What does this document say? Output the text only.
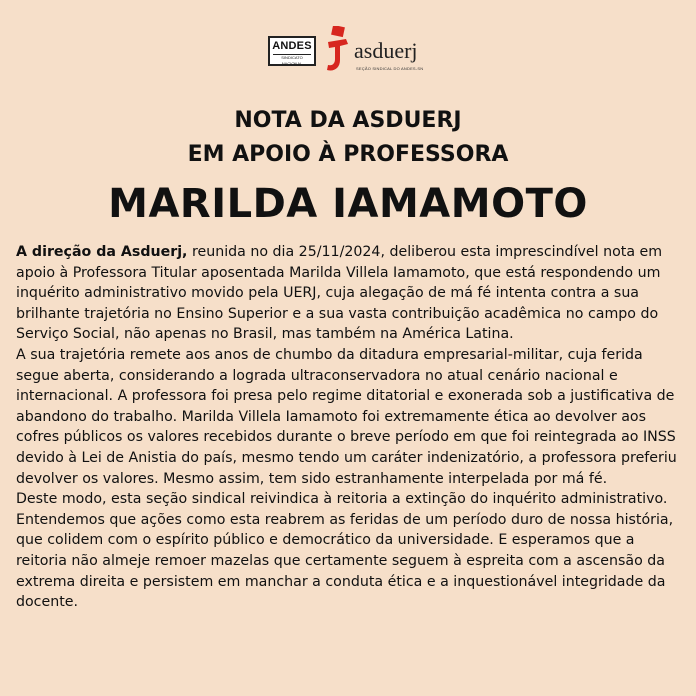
ANDES
SINDICATO NACIONAL
asduerj
SEÇÃO SINDICAL DO ANDES-SN
NOTA DA ASDUERJ
EM APOIO À PROFESSORA
MARILDA IAMAMOTO

A direção da Asduerj, reunida no dia 25/11/2024, deliberou esta imprescindível nota em apoio à Professora Titular aposentada Marilda Villela Iamamoto, que está respondendo um inquérito administrativo movido pela UERJ, cuja alegação de má fé intenta contra a sua brilhante trajetória no Ensino Superior e a sua vasta contribuição acadêmica no campo do Serviço Social, não apenas no Brasil, mas também na América Latina.

A sua trajetória remete aos anos de chumbo da ditadura empresarial-militar, cuja ferida segue aberta, considerando a lograda ultraconservadora no atual cenário nacional e internacional. A professora foi presa pelo regime ditatorial e exonerada sob a justificativa de abandono do trabalho. Marilda Villela Iamamoto foi extremamente ética ao devolver aos cofres públicos os valores recebidos durante o breve período em que foi reintegrada ao INSS devido à Lei de Anistia do país, mesmo tendo um caráter indenizatório, a professora preferiu devolver os valores. Mesmo assim, tem sido estranhamente interpelada por má fé.

Deste modo, esta seção sindical reivindica à reitoria a extinção do inquérito administrativo. Entendemos que ações como esta reabrem as feridas de um período duro de nossa história, que colidem com o espírito público e democrático da universidade. E esperamos que a reitoria não almeje remoer mazelas que certamente seguem à espreita com a ascensão da extrema direita e persistem em manchar a conduta ética e a inquestionável integridade da docente.
